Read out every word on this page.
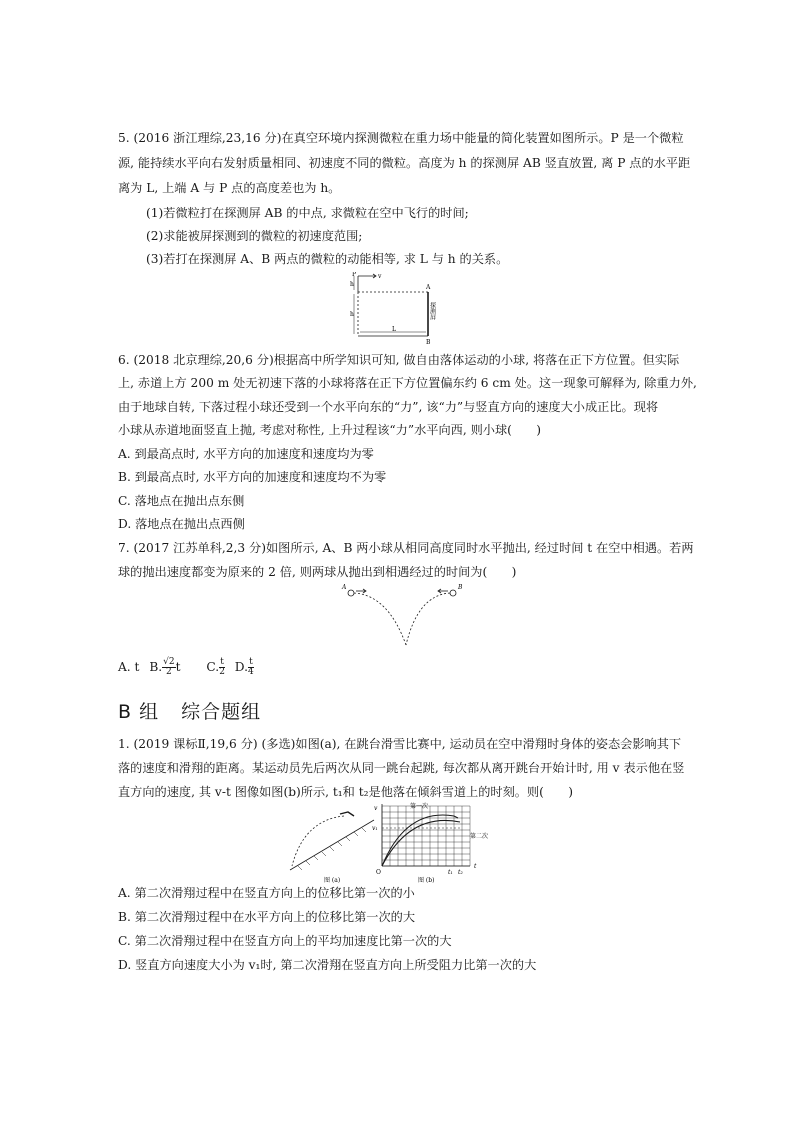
5. (2016 浙江理综,23,16 分)在真空环境内探测微粒在重力场中能量的简化装置如图所示。P 是一个微粒
源, 能持续水平向右发射质量相同、初速度不同的微粒。高度为 h 的探测屏 AB 竖直放置, 离 P 点的水平距
离为 L, 上端 A 与 P 点的高度差也为 h。
(1)若微粒打在探测屏 AB 的中点, 求微粒在空中飞行的时间;
(2)求能被屏探测到的微粒的初速度范围;
(3)若打在探测屏 A、B 两点的微粒的动能相等, 求 L 与 h 的关系。
P	v
h
h
A
B
L
探测屏
6. (2018 北京理综,20,6 分)根据高中所学知识可知, 做自由落体运动的小球, 将落在正下方位置。但实际
上, 赤道上方 200 m 处无初速下落的小球将落在正下方位置偏东约 6 cm 处。这一现象可解释为, 除重力外,
由于地球自转, 下落过程小球还受到一个水平向东的“力”, 该“力”与竖直方向的速度大小成正比。现将
小球从赤道地面竖直上抛, 考虑对称性, 上升过程该“力”水平向西, 则小球(　　)
A. 到最高点时, 水平方向的加速度和速度均为零
B. 到最高点时, 水平方向的加速度和速度均不为零
C. 落地点在抛出点东侧
D. 落地点在抛出点西侧
7. (2017 江苏单科,2,3 分)如图所示, A、B 两小球从相同高度同时水平抛出, 经过时间 t 在空中相遇。若两
球的抛出速度都变为原来的 2 倍, 则两球从抛出到相遇经过的时间为(　　)
A	B
A. t B. $\frac{√2}{2}$ t C. $\frac{t}{2} D$. $\frac{t}{4}$
B 组 综合题组
1. (2019 课标Ⅱ,19,6 分) (多选)如图(a), 在跳台滑雪比赛中, 运动员在空中滑翔时身体的姿态会影响其下
落的速度和滑翔的距离。某运动员先后两次从同一跳台起跳, 每次都从离开跳台开始计时, 用 v 表示他在竖
直方向的速度, 其 v-t 图像如图(b)所示, t₁和 t₂是他落在倾斜雪道上的时刻。则(　　)
图 (a)
v
t
O
v₁
t₁ t₂
第一次
第二次
图 (b)
A. 第二次滑翔过程中在竖直方向上的位移比第一次的小
B. 第二次滑翔过程中在水平方向上的位移比第一次的大
C. 第二次滑翔过程中在竖直方向上的平均加速度比第一次的大
D. 竖直方向速度大小为 v₁时, 第二次滑翔在竖直方向上所受阻力比第一次的大
